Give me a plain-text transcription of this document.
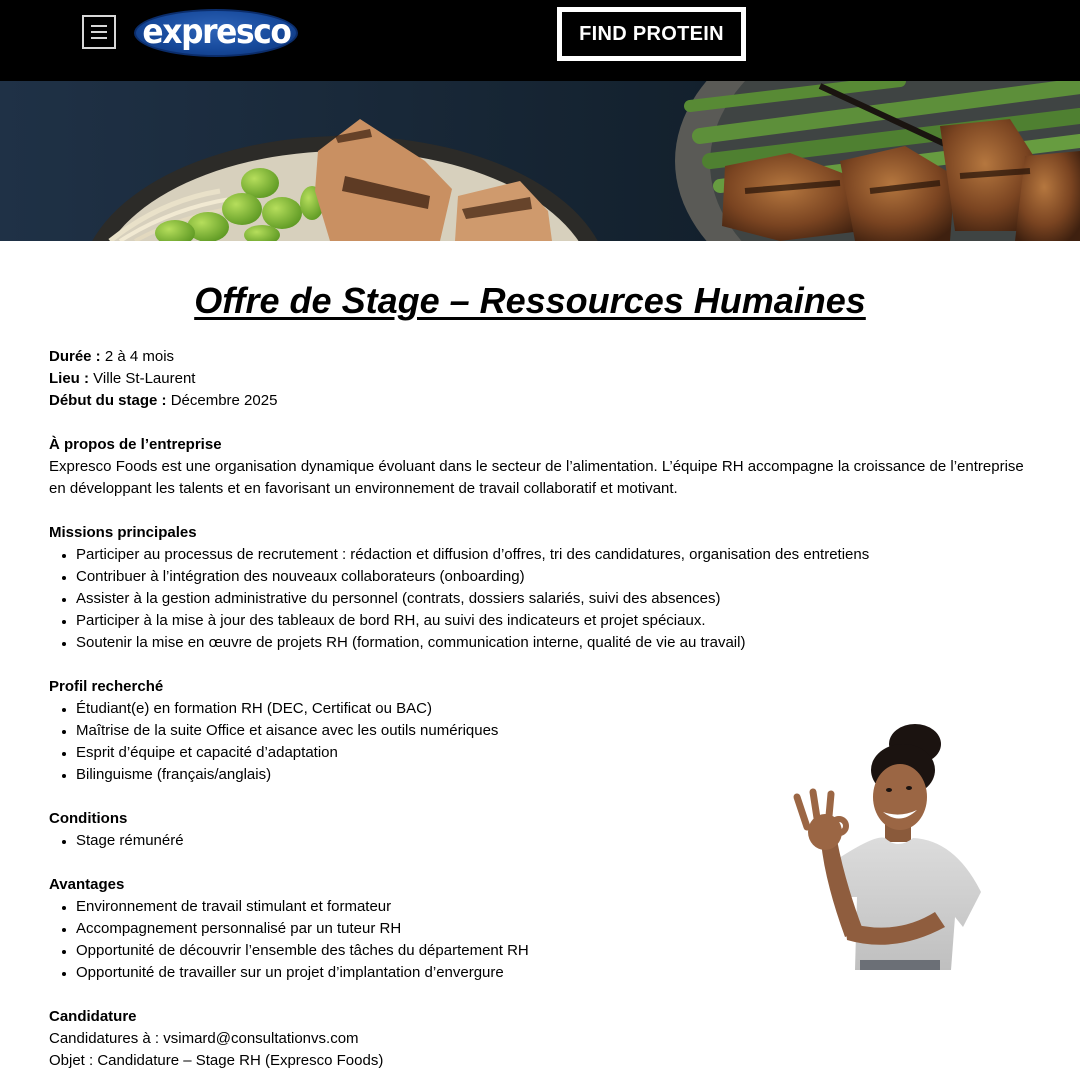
expresco	FIND PROTEIN
Offre de Stage – Ressources Humaines

Durée : 2 à 4 mois

Lieu : Ville St-Laurent

Début du stage : Décembre 2025

À propos de l’entreprise

Expresco Foods est une organisation dynamique évoluant dans le secteur de l’alimentation. L’équipe RH accompagne la croissance de l’entreprise en développant les talents et en favorisant un environnement de travail collaboratif et motivant.

Missions principales

Participer au processus de recrutement : rédaction et diffusion d’offres, tri des candidatures, organisation des entretiens
Contribuer à l’intégration des nouveaux collaborateurs (onboarding)
Assister à la gestion administrative du personnel (contrats, dossiers salariés, suivi des absences)
Participer à la mise à jour des tableaux de bord RH, au suivi des indicateurs et projet spéciaux.
Soutenir la mise en œuvre de projets RH (formation, communication interne, qualité de vie au travail)

Profil recherché

Étudiant(e) en formation RH (DEC, Certificat ou BAC)
Maîtrise de la suite Office et aisance avec les outils numériques
Esprit d’équipe et capacité d’adaptation
Bilinguisme (français/anglais)

Conditions

Stage rémunéré

Avantages

Environnement de travail stimulant et formateur
Accompagnement personnalisé par un tuteur RH
Opportunité de découvrir l’ensemble des tâches du département RH
Opportunité de travailler sur un projet d’implantation d’envergure

Candidature

Candidatures à : vsimard@consultationvs.com

Objet : Candidature – Stage RH (Expresco Foods)
